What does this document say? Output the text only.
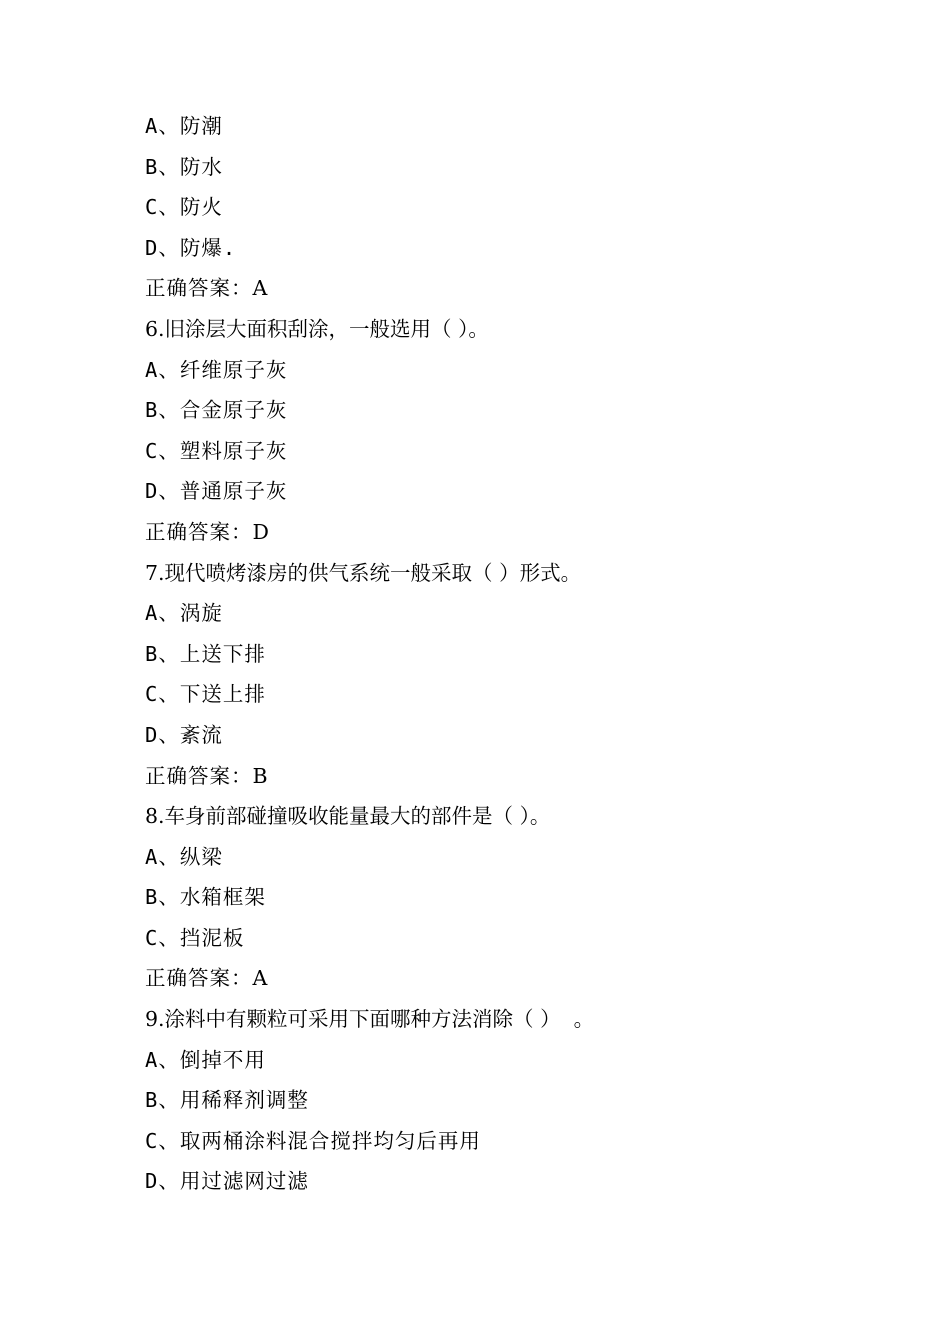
A、防潮
B、防水
C、防火
D、防爆.
正确答案：A
6.旧涂层大面积刮涂，一般选用（ ）。
A、纤维原子灰
B、合金原子灰
C、塑料原子灰
D、普通原子灰
正确答案：D
7.现代喷烤漆房的供气系统一般采取（ ）形式。
A、涡旋
B、上送下排
C、下送上排
D、紊流
正确答案：B
8.车身前部碰撞吸收能量最大的部件是（ ）。
A、纵梁
B、水箱框架
C、挡泥板
正确答案：A
9.涂料中有颗粒可采用下面哪种方法消除（ ）  。
A、倒掉不用
B、用稀释剂调整
C、取两桶涂料混合搅拌均匀后再用
D、用过滤网过滤
